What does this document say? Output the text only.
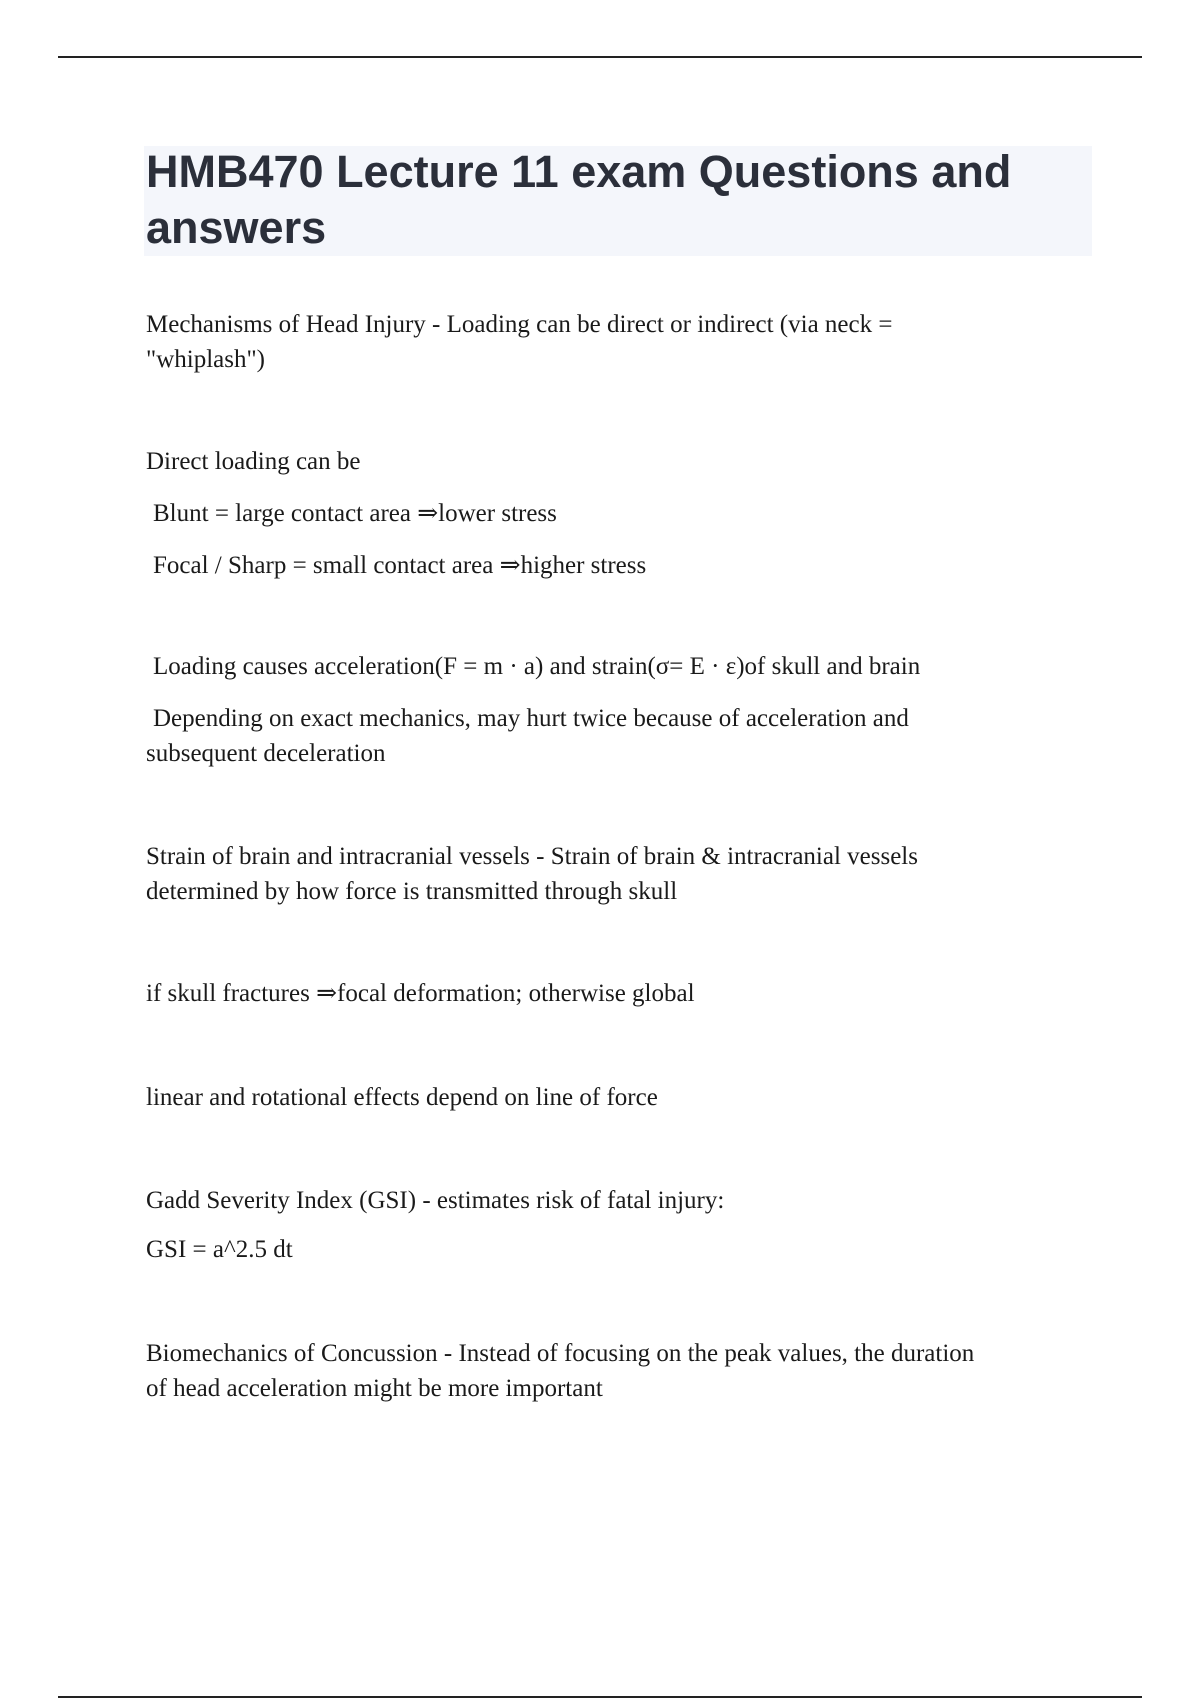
HMB470 Lecture 11 exam Questions and
answers

Mechanisms of Head Injury - Loading can be direct or indirect (via neck =

"whiplash")

Direct loading can be

Blunt = large contact area ⇒lower stress

Focal / Sharp = small contact area ⇒higher stress

Loading causes acceleration(F = m · a) and strain(σ= E · ε)of skull and brain

Depending on exact mechanics, may hurt twice because of acceleration and

subsequent deceleration

Strain of brain and intracranial vessels - Strain of brain & intracranial vessels

determined by how force is transmitted through skull

if skull fractures ⇒focal deformation; otherwise global

linear and rotational effects depend on line of force

Gadd Severity Index (GSI) - estimates risk of fatal injury:

GSI = a^2.5 dt

Biomechanics of Concussion - Instead of focusing on the peak values, the duration

of head acceleration might be more important
